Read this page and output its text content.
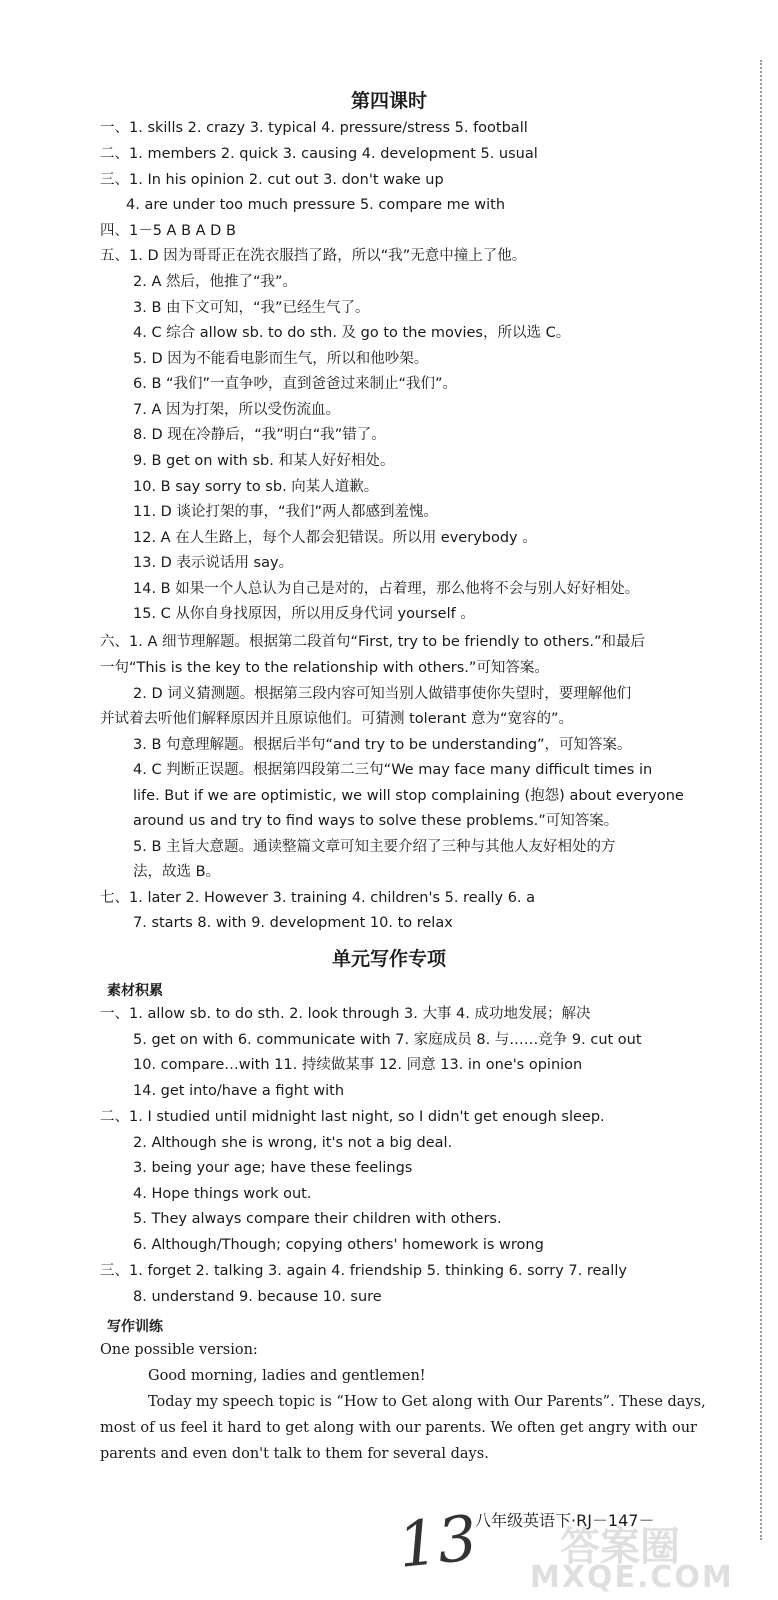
第四课时
一、1. skills 2. crazy 3. typical 4. pressure/stress 5. football
二、1. members 2. quick 3. causing 4. development 5. usual
三、1. In his opinion 2. cut out 3. don't wake up
4. are under too much pressure 5. compare me with
四、1－5 A B A D B
五、1. D 因为哥哥正在洗衣服挡了路，所以“我”无意中撞上了他。
2. A 然后，他推了“我”。
3. B 由下文可知，“我”已经生气了。
4. C 综合 allow sb. to do sth. 及 go to the movies，所以选 C。
5. D 因为不能看电影而生气，所以和他吵架。
6. B “我们”一直争吵，直到爸爸过来制止“我们”。
7. A 因为打架，所以受伤流血。
8. D 现在冷静后，“我”明白“我”错了。
9. B get on with sb. 和某人好好相处。
10. B say sorry to sb. 向某人道歉。
11. D 谈论打架的事，“我们”两人都感到羞愧。
12. A 在人生路上，每个人都会犯错误。所以用 everybody 。
13. D 表示说话用 say。
14. B 如果一个人总认为自己是对的，占着理，那么他将不会与别人好好相处。
15. C 从你自身找原因，所以用反身代词 yourself 。
六、1. A 细节理解题。根据第二段首句“First, try to be friendly to others.”和最后
一句“This is the key to the relationship with others.”可知答案。
2. D 词义猜测题。根据第三段内容可知当别人做错事使你失望时，要理解他们
并试着去听他们解释原因并且原谅他们。可猜测 tolerant 意为“宽容的”。
3. B 句意理解题。根据后半句“and try to be understanding”，可知答案。
4. C 判断正误题。根据第四段第二三句“We may face many difficult times in
life. But if we are optimistic, we will stop complaining (抱怨) about everyone
around us and try to find ways to solve these problems.”可知答案。
5. B 主旨大意题。通读整篇文章可知主要介绍了三种与其他人友好相处的方
法，故选 B。
七、1. later 2. However 3. training 4. children's 5. really 6. a
7. starts 8. with 9. development 10. to relax
单元写作专项
素材积累
一、1. allow sb. to do sth. 2. look through 3. 大事 4. 成功地发展；解决
5. get on with 6. communicate with 7. 家庭成员 8. 与……竞争 9. cut out
10. compare…with 11. 持续做某事 12. 同意 13. in one's opinion
14. get into/have a fight with
二、1. I studied until midnight last night, so I didn't get enough sleep.
2. Although she is wrong, it's not a big deal.
3. being your age; have these feelings
4. Hope things work out.
5. They always compare their children with others.
6. Although/Though; copying others' homework is wrong
三、1. forget 2. talking 3. again 4. friendship 5. thinking 6. sorry 7. really
8. understand 9. because 10. sure
写作训练
One possible version:
Good morning, ladies and gentlemen!
Today my speech topic is “How to Get along with Our Parents”. These days,
most of us feel it hard to get along with our parents. We often get angry with our
parents and even don't talk to them for several days.
13
八年级英语下·RJ－147－
答案圈
MXQE.COM
